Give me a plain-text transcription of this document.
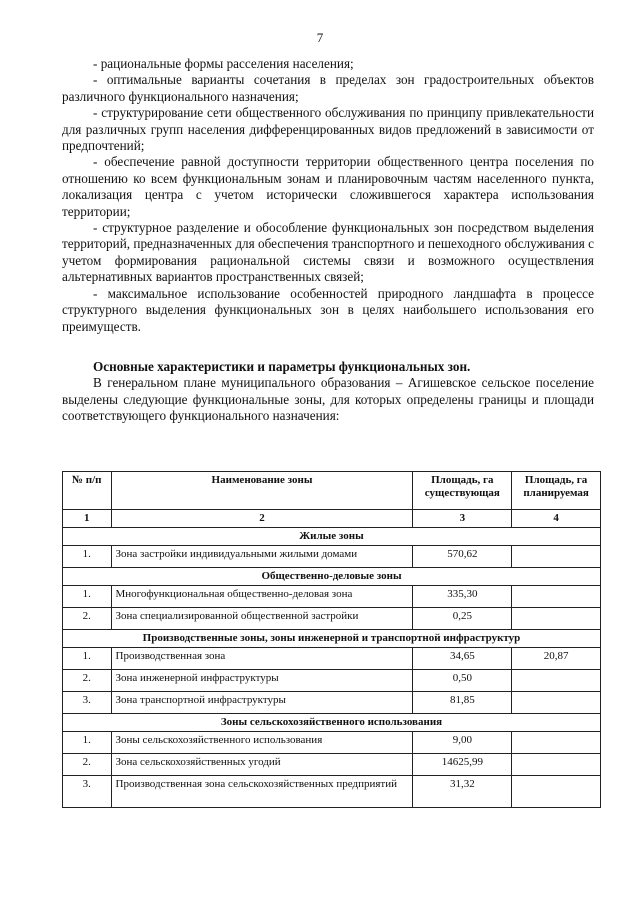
7

- рациональные формы расселения населения;

- оптимальные варианты сочетания в пределах зон градостроительных объектов различного функционального назначения;

- структурирование сети общественного обслуживания по принципу привлекательности для различных групп населения дифференцированных видов предложений в зависимости от предпочтений;

- обеспечение равной доступности территории общественного центра поселения по отношению ко всем функциональным зонам и планировочным частям населенного пункта, локализация центра с учетом исторически сложившегося характера использования территории;

- структурное разделение и обособление функциональных зон посредством выделения территорий, предназначенных для обеспечения транспортного и пешеходного обслуживания с учетом формирования рациональной системы связи и возможного осуществления альтернативных вариантов пространственных связей;

- максимальное использование особенностей природного ландшафта в процессе структурного выделения функциональных зон в целях наибольшего использования его преимуществ.

Основные характеристики и параметры функциональных зон.

В генеральном плане муниципального образования – Агишевское сельское поселение выделены следующие функциональные зоны, для которых определены границы и площади соответствующего функционального назначения:

№ п/п	Наименование зоны	Площадь, га существующая	Площадь, га планируемая
1	2	3	4
Жилые зоны			
1.	Зона застройки индивидуальными жилыми домами	570,62	
Общественно-деловые зоны			
1.	Многофункциональная общественно-деловая зона	335,30	
2.	Зона специализированной общественной застройки	0,25	
Производственные зоны, зоны инженерной и транспортной инфраструктур			
1.	Производственная зона	34,65	20,87
2.	Зона инженерной инфраструктуры	0,50	
3.	Зона транспортной инфраструктуры	81,85	
Зоны сельскохозяйственного использования			
1.	Зоны сельскохозяйственного использования	9,00	
2.	Зона сельскохозяйственных угодий	14625,99	
3.	Производственная зона сельскохозяйственных предприятий	31,32	
